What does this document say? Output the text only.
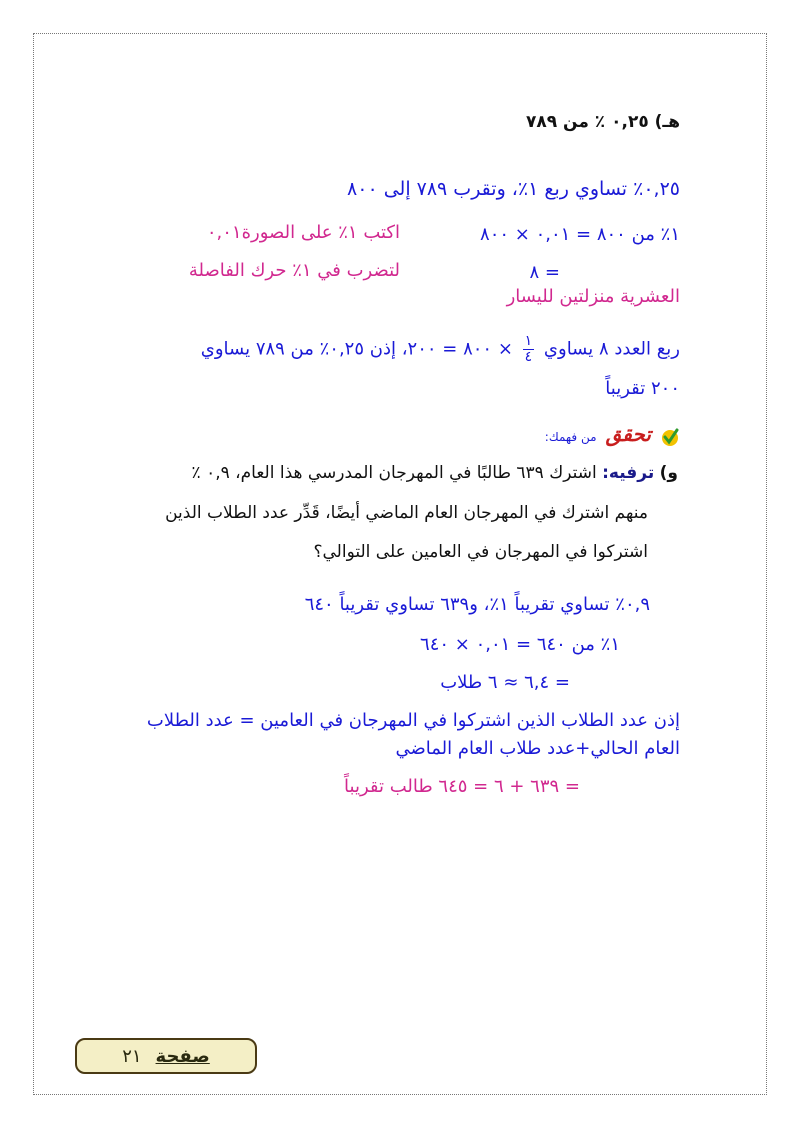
هـ) ٠,٢٥ ٪ من ٧٨٩
٠,٢٥٪ تساوي ربع ١٪، وتقرب ٧٨٩ إلى ٨٠٠
١٪ من ٨٠٠ = ٠,٠١ × ٨٠٠
اكتب ١٪ على الصورة٠,٠١
= ٨
لتضرب في ١٪ حرك الفاصلة
العشرية منزلتين لليسار
ربع العدد ٨ يساوي
$\frac{١}{٤}$
× ٨٠٠ = ٢٠٠، إذن ٠,٢٥٪ من ٧٨٩ يساوي
٢٠٠ تقريباً
تحقق من فهمك:
و) ترفيه: اشترك ٦٣٩ طالبًا في المهرجان المدرسي هذا العام، ٠,٩ ٪
منهم اشترك في المهرجان العام الماضي أيضًا، قَدِّر عدد الطلاب الذين
اشتركوا في المهرجان في العامين على التوالي؟
٠,٩٪ تساوي تقريباً ١٪، و٦٣٩ تساوي تقريباً ٦٤٠
١٪ من ٦٤٠ = ٠,٠١ × ٦٤٠
= ٦,٤ ≈ ٦ طلاب
إذن عدد الطلاب الذين اشتركوا في المهرجان في العامين = عدد الطلاب
العام الحالي+عدد طلاب العام الماضي
= ٦٣٩ + ٦ = ٦٤٥ طالب تقريباً
صفحة
٢١
